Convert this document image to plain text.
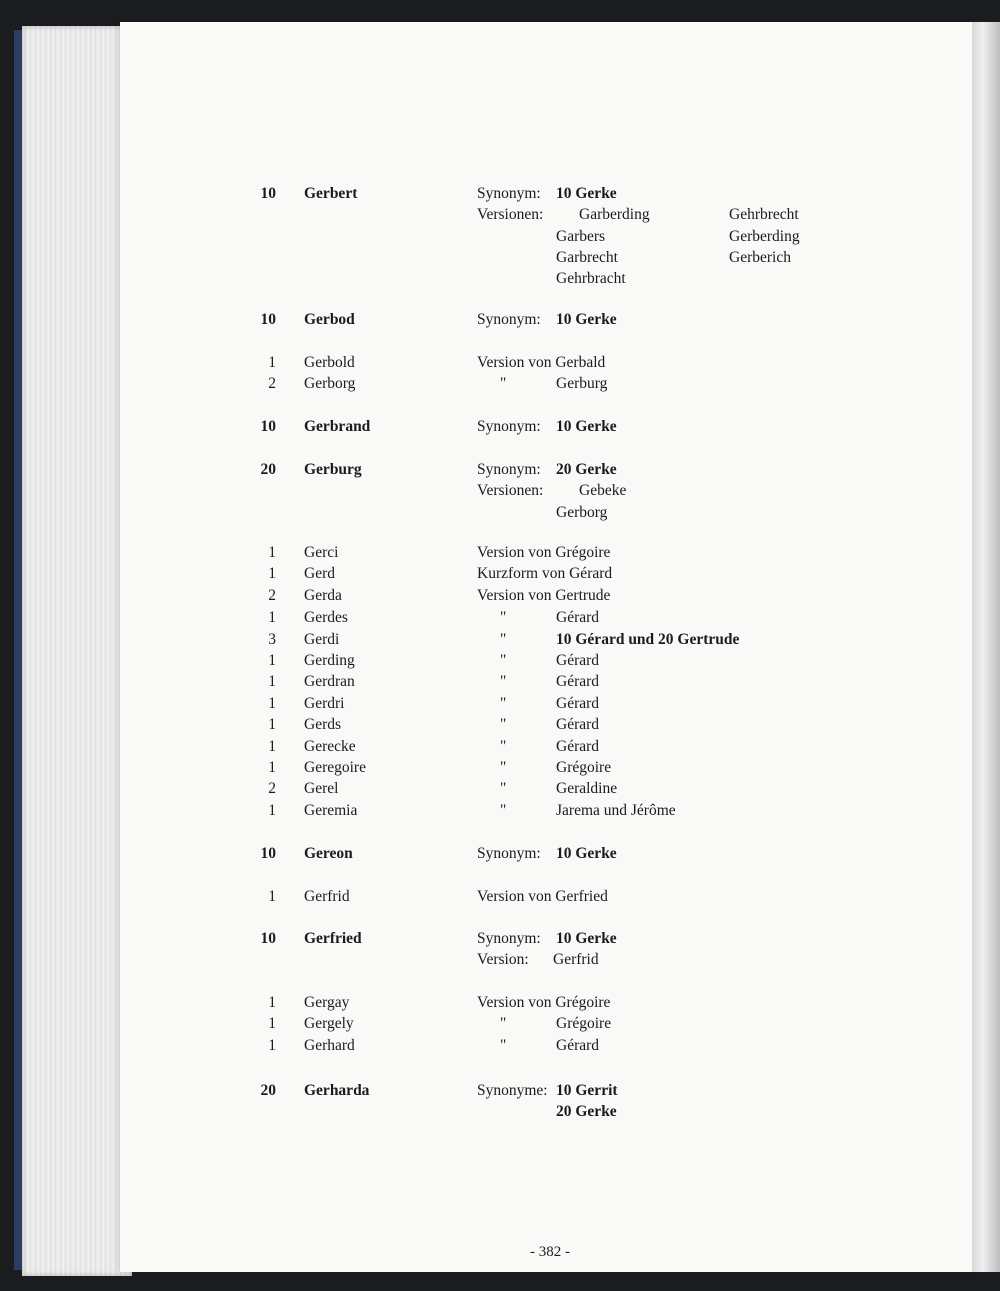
10 Gerbert	Synonym: 10 Gerke
Versionen: Garberding	Gehrbrecht
Garbers	Gerberding
Garbrecht	Gerberich
Gehrbracht
10 Gerbod	Synonym: 10 Gerke
1 Gerbold	Version von Gerbald
2 Gerborg	"	Gerburg
10 Gerbrand	Synonym: 10 Gerke
20 Gerburg	Synonym: 20 Gerke
Versionen: Gebeke
Gerborg
1 Gerci	Version von Grégoire
1 Gerd	Kurzform von Gérard
2 Gerda	Version von Gertrude
1 Gerdes	"	Gérard
3 Gerdi	"	10 Gérard und 20 Gertrude
1 Gerding	"	Gérard
1 Gerdran	"	Gérard
1 Gerdri	"	Gérard
1 Gerds	"	Gérard
1 Gerecke	"	Gérard
1 Geregoire	"	Grégoire
2 Gerel	"	Geraldine
1 Geremia	"	Jarema und Jérôme
10 Gereon	Synonym: 10 Gerke
1 Gerfrid	Version von Gerfried
10 Gerfried	Synonym: 10 Gerke
Version: Gerfrid
1 Gergay	Version von Grégoire
1 Gergely	"	Grégoire
1 Gerhard	"	Gérard
20 Gerharda	Synonyme: 10 Gerrit
20 Gerke
- 382 -
